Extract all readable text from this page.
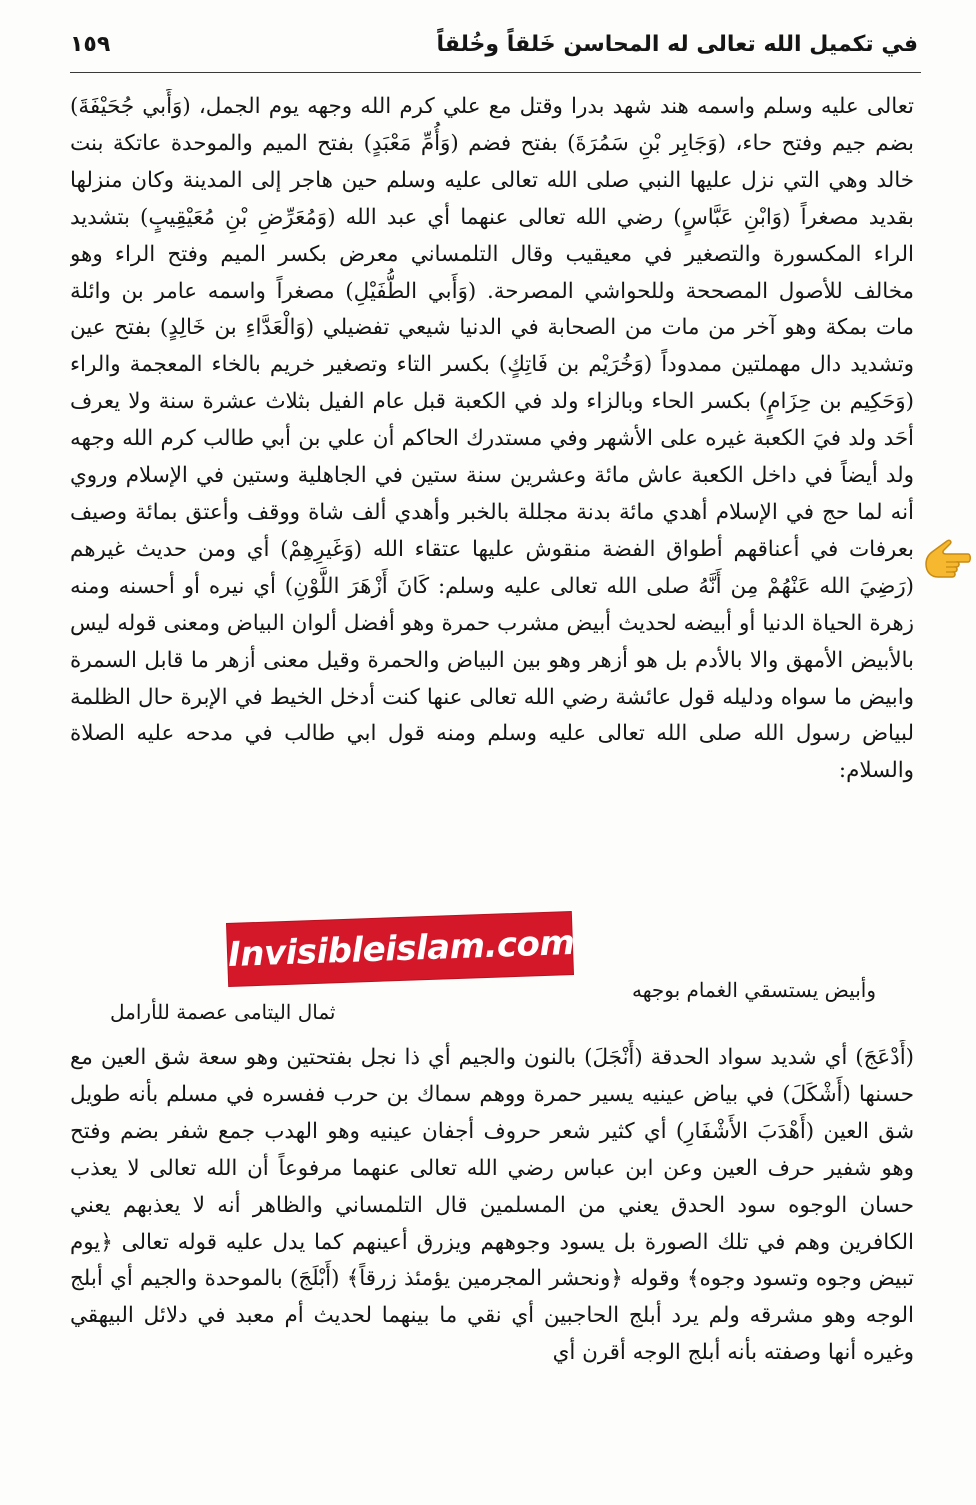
في تكميل الله تعالى له المحاسن خَلقاً وخُلقاً
١٥٩

تعالى عليه وسلم واسمه هند شهد بدرا وقتل مع علي كرم الله وجهه يوم الجمل، (وَأَبي جُحَيْفَةَ) بضم جيم وفتح حاء، (وَجَابِر بْنِ سَمُرَةَ) بفتح فضم (وَأُمِّ مَعْبَدٍ) بفتح الميم والموحدة عاتكة بنت خالد وهي التي نزل عليها النبي صلى الله تعالى عليه وسلم حين هاجر إلى المدينة وكان منزلها بقديد مصغراً (وَابْنِ عَبَّاسٍ) رضي الله تعالى عنهما أي عبد الله (وَمُعَرِّضِ بْنِ مُعَيْقِيبٍ) بتشديد الراء المكسورة والتصغير في معيقيب وقال التلمساني معرض بكسر الميم وفتح الراء وهو مخالف للأصول المصححة وللحواشي المصرحة. (وَأَبي الطُّفَيْلِ) مصغراً واسمه عامر بن وائلة مات بمكة وهو آخر من مات من الصحابة في الدنيا شيعي تفضيلي (وَالْعَدَّاءِ بن خَالِدٍ) بفتح عين وتشديد دال مهملتين ممدوداً (وَخُرَيْم بن فَاتِكٍ) بكسر التاء وتصغير خريم بالخاء المعجمة والراء (وَحَكِيم بن حِزَامٍ) بكسر الحاء وبالزاء ولد في الكعبة قبل عام الفيل بثلاث عشرة سنة ولا يعرف أحَد ولد فيَ الكعبة غيره على الأشهر وفي مستدرك الحاكم أن علي بن أبي طالب كرم الله وجهه ولد أيضاً في داخل الكعبة عاش مائة وعشرين سنة ستين في الجاهلية وستين في الإسلام وروي أنه لما حج في الإسلام أهدي مائة بدنة مجللة بالخبر وأهدي ألف شاة ووقف وأعتق بمائة وصيف بعرفات في أعناقهم أطواق الفضة منقوش عليها عتقاء الله (وَغَيرِهِمْ) أي ومن حديث غيرهم (رَضِيَ الله عَنْهُمْ مِن أَنَّهُ صلى الله تعالى عليه وسلم: كَانَ أَزْهَرَ اللَّوْنِ) أي نيره أو أحسنه ومنه زهرة الحياة الدنيا أو أبيضه لحديث أبيض مشرب حمرة وهو أفضل ألوان البياض ومعنى قوله ليس بالأبيض الأمهق والا بالأدم بل هو أزهر وهو بين البياض والحمرة وقيل معنى أزهر ما قابل السمرة وابيض ما سواه ودليله قول عائشة رضي الله تعالى عنها كنت أدخل الخيط في الإبرة حال الظلمة لبياض رسول الله صلى الله تعالى عليه وسلم ومنه قول ابي طالب في مدحه عليه الصلاة والسلام:

وأبيض يستسقي الغمام بوجهه
ثمال اليتامى عصمة للأرامل
Invisibleislam.com

(أَدْعَجَ) أي شديد سواد الحدقة (أَنْجَلَ) بالنون والجيم أي ذا نجل بفتحتين وهو سعة شق العين مع حسنها (أَشْكَلَ) في بياض عينيه يسير حمرة ووهم سماك بن حرب ففسره في مسلم بأنه طويل شق العين (أَهْدَبَ الأَشْفَارِ) أي كثير شعر حروف أجفان عينيه وهو الهدب جمع شفر بضم وفتح وهو شفير حرف العين وعن ابن عباس رضي الله تعالى عنهما مرفوعاً أن الله تعالى لا يعذب حسان الوجوه سود الحدق يعني من المسلمين قال التلمساني والظاهر أنه لا يعذبهم يعني الكافرين وهم في تلك الصورة بل يسود وجوههم ويزرق أعينهم كما يدل عليه قوله تعالى ﴿يوم تبيض وجوه وتسود وجوه﴾ وقوله ﴿ونحشر المجرمين يؤمئذ زرقاً﴾ (أَبْلَجَ) بالموحدة والجيم أي أبلج الوجه وهو مشرقه ولم يرد أبلج الحاجبين أي نقي ما بينهما لحديث أم معبد في دلائل البيهقي وغيره أنها وصفته بأنه أبلج الوجه أقرن أي
